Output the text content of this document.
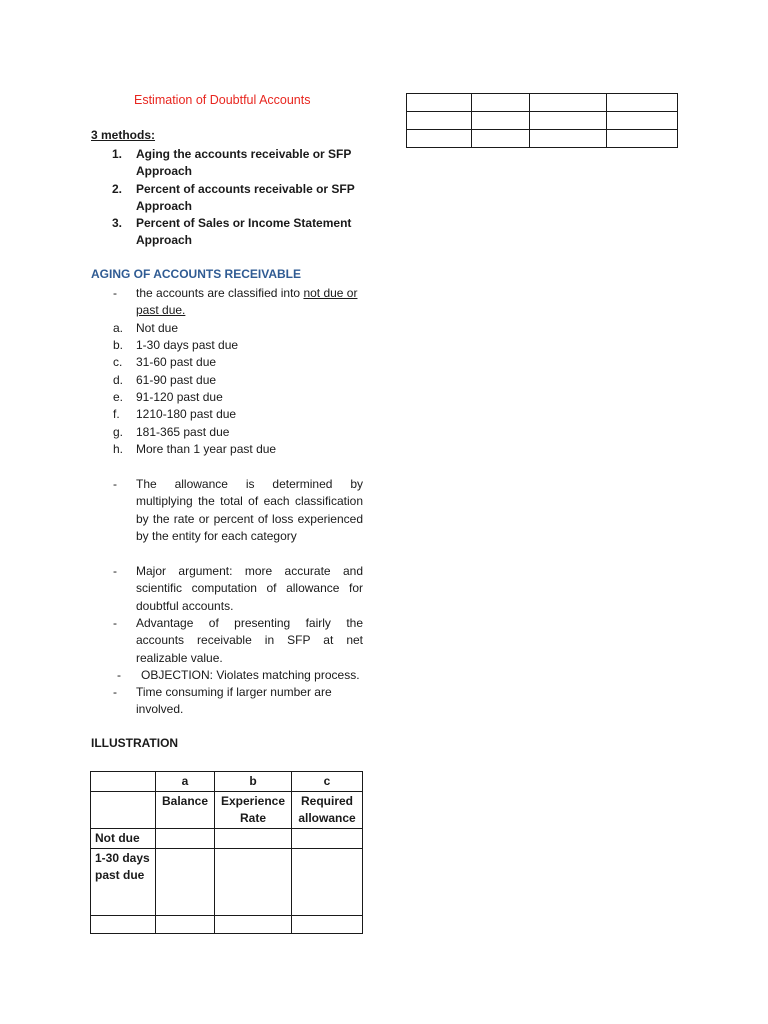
Estimation of Doubtful Accounts

3 methods:
1. Aging the accounts receivable or SFP Approach
2. Percent of accounts receivable or SFP Approach
3. Percent of Sales or Income Statement Approach
AGING OF ACCOUNTS RECEIVABLE
- the accounts are classified into not due or past due.
a. Not due
b. 1-30 days past due
c. 31-60 past due
d. 61-90 past due
e. 91-120 past due
f. 1210-180 past due
g. 181-365 past due
h. More than 1 year past due
- The allowance is determined by multiplying the total of each classification by the rate or percent of loss experienced by the entity for each category
- Major argument: more accurate and scientific computation of allowance for doubtful accounts.
- Advantage of presenting fairly the accounts receivable in SFP at net realizable value.
- OBJECTION: Violates matching process.
- Time consuming if larger number are involved.
ILLUSTRATION
	a	b	c
	Balance	Experience Rate	Required allowance
Not due			
1-30 days past due			
